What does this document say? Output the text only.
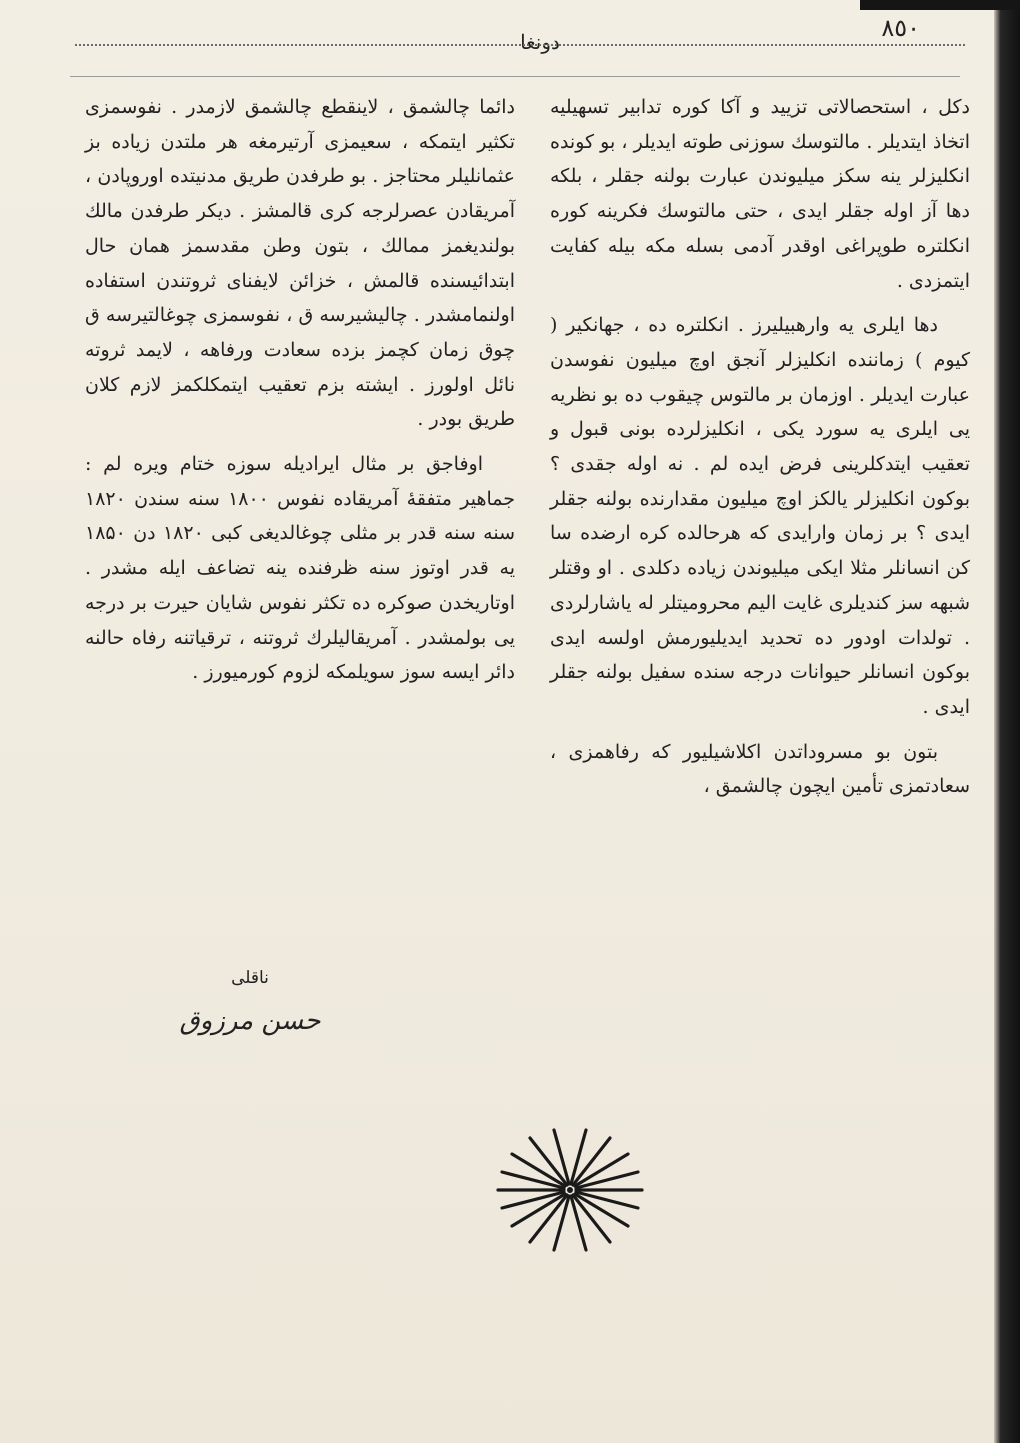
٨٥٠
دونغا

دکل ، استحصالاتی تزیید و آکا کوره تدابیر تسهیلیه اتخاذ ایتدیلر . مالتوسك سوزنی طوته ایدیلر ، بو کونده انکلیزلر ینه سکز میلیوندن عبارت بولنه جقلر ، بلکه دها آز اوله جقلر ایدی ، حتی مالتوسك فکرینه کوره انکلتره طوپراغی اوقدر آدمی بسله مکه بیله کفایت ایتمزدی .

دها ایلری یه وارهبیلیرز . انکلتره ده ، جهانکیر ( کیوم ) زماننده انکلیزلر آنجق اوچ میلیون نفوسدن عبارت ایدیلر . اوزمان بر مالتوس چیقوب ده بو نظریه یی ایلری یه سورد یکی ، انکلیزلرده بونی قبول و تعقیب ایتدکلرینی فرض ایده لم . نه اوله جقدی ؟ بوکون انکلیزلر یالکز اوچ میلیون مقدارنده بولنه جقلر ایدی ؟ بر زمان وارایدی که هرحالده کره ارضده سا کن انسانلر مثلا ایکی میلیوندن زیاده دکلدی . او وقتلر شبهه سز کندیلری غایت الیم محرومیتلر له یاشارلردی . تولدات اودور ده تحدید ایدیلیورمش اولسه ایدی بوکون انسانلر حیوانات درجه سنده سفیل بولنه جقلر ایدی .

بتون بو مسروداتدن اکلاشیلیور که رفاهمزی ، سعادتمزی تأمین ایچون چالشمق ،

دائما چالشمق ، لاینقطع چالشمق لازمدر . نفوسمزی تکثیر ایتمکه ، سعیمزی آرتیرمغه هر ملتدن زیاده بز عثمانلیلر محتاجز . بو طرفدن طریق مدنیتده اوروپادن ، آمریقادن عصرلرجه کری قالمشز . دیکر طرفدن مالك بولندیغمز ممالك ، بتون وطن مقدسمز همان حال ابتدائیسنده قالمش ، خزائن لایفنای ثروتندن استفاده اولنمامشدر . چالیشیرسه ق ، نفوسمزی چوغالتیرسه ق چوق زمان کچمز بزده سعادت ورفاهه ، لایمد ثروته نائل اولورز . ایشته بزم تعقیب ایتمکلکمز لازم کلان طریق بودر .

اوفاجق بر مثال ایرادیله سوزه ختام ویره لم : جماهیر متفقهٔ آمریقاده نفوس ۱۸۰۰ سنه سندن ۱۸۲۰ سنه سنه قدر بر مثلی چوغالدیغی کبی ۱۸۲۰ دن ۱۸۵۰ یه قدر اوتوز سنه ظرفنده ینه تضاعف ایله مشدر . اوتاریخدن صوکره ده تکثر نفوس شایان حیرت بر درجه یی بولمشدر . آمریقالیلرك ثروتنه ، ترقیاتنه رفاه حالنه دائر ایسه سوز سویلمکه لزوم کورمیورز .

ناقلی
حسن مرزوق
